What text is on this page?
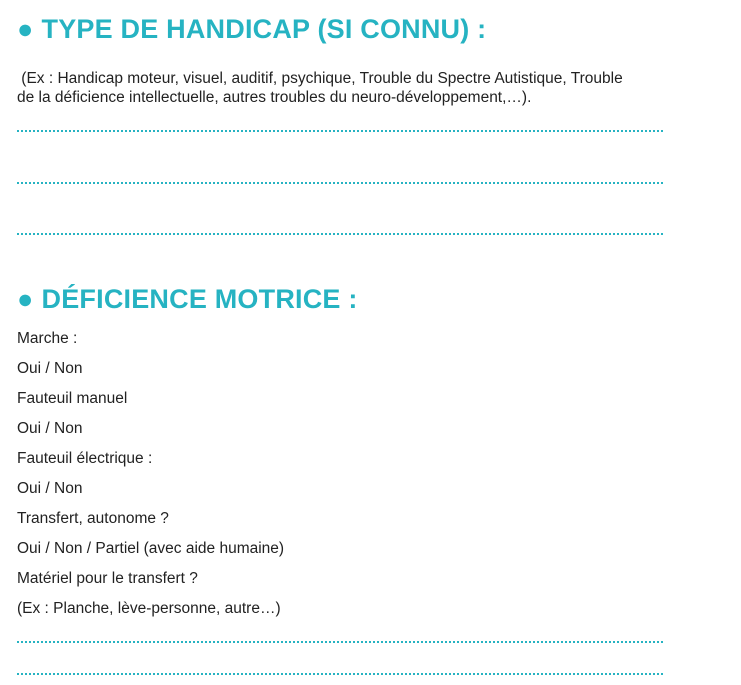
● TYPE DE HANDICAP (SI CONNU) :
(Ex : Handicap moteur, visuel, auditif, psychique, Trouble du Spectre Autistique, Trouble
de la déficience intellectuelle, autres troubles du neuro-développement,…).
● DÉFICIENCE MOTRICE :
Marche :
Oui / Non
Fauteuil manuel
Oui / Non
Fauteuil électrique :
Oui / Non
Transfert, autonome ?
Oui / Non / Partiel (avec aide humaine)
Matériel pour le transfert ?
(Ex : Planche, lève-personne, autre…)
